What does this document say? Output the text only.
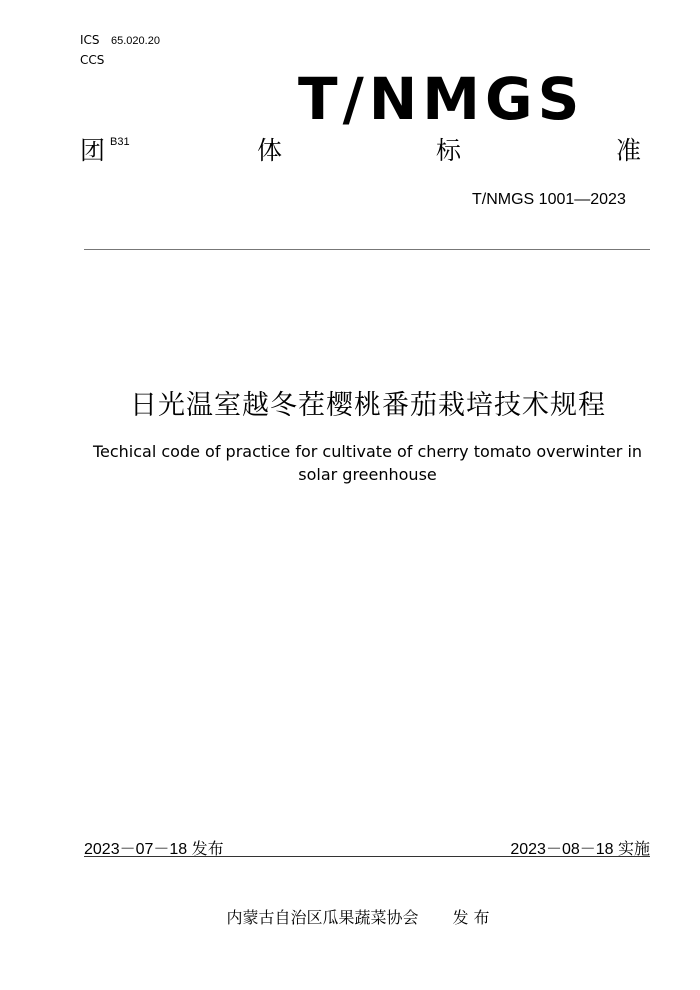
ICS 65.020.20
CCS
T/NMGS
团 B31	体	标	准
T/NMGS 1001—2023
日光温室越冬茬樱桃番茄栽培技术规程
Techical code of practice for cultivate of cherry tomato overwinter in solar greenhouse
2023－07－18 发布	2023－08－18 实施
内蒙古自治区瓜果蔬菜协会 发 布
